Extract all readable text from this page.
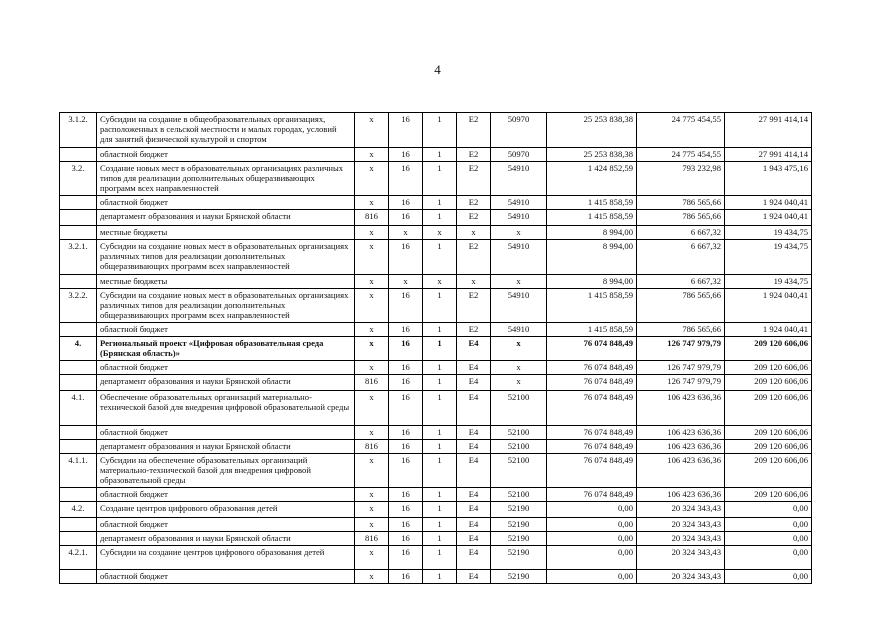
4
3.1.2.	Субсидии на создание в общеобразовательных организациях, расположенных в сельской местности и малых городах, условий для занятий физической культурой и спортом	x	16	1	E2	50970	25 253 838,38	24 775 454,55	27 991 414,14
	областной бюджет	x	16	1	E2	50970	25 253 838,38	24 775 454,55	27 991 414,14
3.2.	Создание новых мест в образовательных организациях различных типов для реализации дополнительных общеразвивающих программ всех направленностей	x	16	1	E2	54910	1 424 852,59	793 232,98	1 943 475,16
	областной бюджет	x	16	1	E2	54910	1 415 858,59	786 565,66	1 924 040,41
	департамент образования и науки Брянской области	816	16	1	E2	54910	1 415 858,59	786 565,66	1 924 040,41
	местные бюджеты	x	x	x	x	x	8 994,00	6 667,32	19 434,75
3.2.1.	Субсидии на создание новых мест в образовательных организациях различных типов для реализации дополнительных общеразвивающих программ всех направленностей	x	16	1	E2	54910	8 994,00	6 667,32	19 434,75
	местные бюджеты	x	x	x	x	x	8 994,00	6 667,32	19 434,75
3.2.2.	Субсидии на создание новых мест в образовательных организациях различных типов для реализации дополнительных общеразвивающих программ всех направленностей	x	16	1	E2	54910	1 415 858,59	786 565,66	1 924 040,41
	областной бюджет	x	16	1	E2	54910	1 415 858,59	786 565,66	1 924 040,41
4.	Региональный проект «Цифровая образовательная среда (Брянская область)»	x	16	1	E4	x	76 074 848,49	126 747 979,79	209 120 606,06
	областной бюджет	x	16	1	E4	x	76 074 848,49	126 747 979,79	209 120 606,06
	департамент образования и науки Брянской области	816	16	1	E4	x	76 074 848,49	126 747 979,79	209 120 606,06
4.1.	Обеспечение образовательных организаций материально-технической базой для внедрения цифровой образовательной среды	x	16	1	E4	52100	76 074 848,49	106 423 636,36	209 120 606,06
	областной бюджет	x	16	1	E4	52100	76 074 848,49	106 423 636,36	209 120 606,06
	департамент образования и науки Брянской области	816	16	1	E4	52100	76 074 848,49	106 423 636,36	209 120 606,06
4.1.1.	Субсидии на обеспечение образовательных организаций материально-технической базой для внедрения цифровой образовательной среды	x	16	1	E4	52100	76 074 848,49	106 423 636,36	209 120 606,06
	областной бюджет	x	16	1	E4	52100	76 074 848,49	106 423 636,36	209 120 606,06
4.2.	Создание центров цифрового образования детей	x	16	1	E4	52190	0,00	20 324 343,43	0,00
	областной бюджет	x	16	1	E4	52190	0,00	20 324 343,43	0,00
	департамент образования и науки Брянской области	816	16	1	E4	52190	0,00	20 324 343,43	0,00
4.2.1.	Субсидии на создание центров цифрового образования детей	x	16	1	E4	52190	0,00	20 324 343,43	0,00
	областной бюджет	x	16	1	E4	52190	0,00	20 324 343,43	0,00
